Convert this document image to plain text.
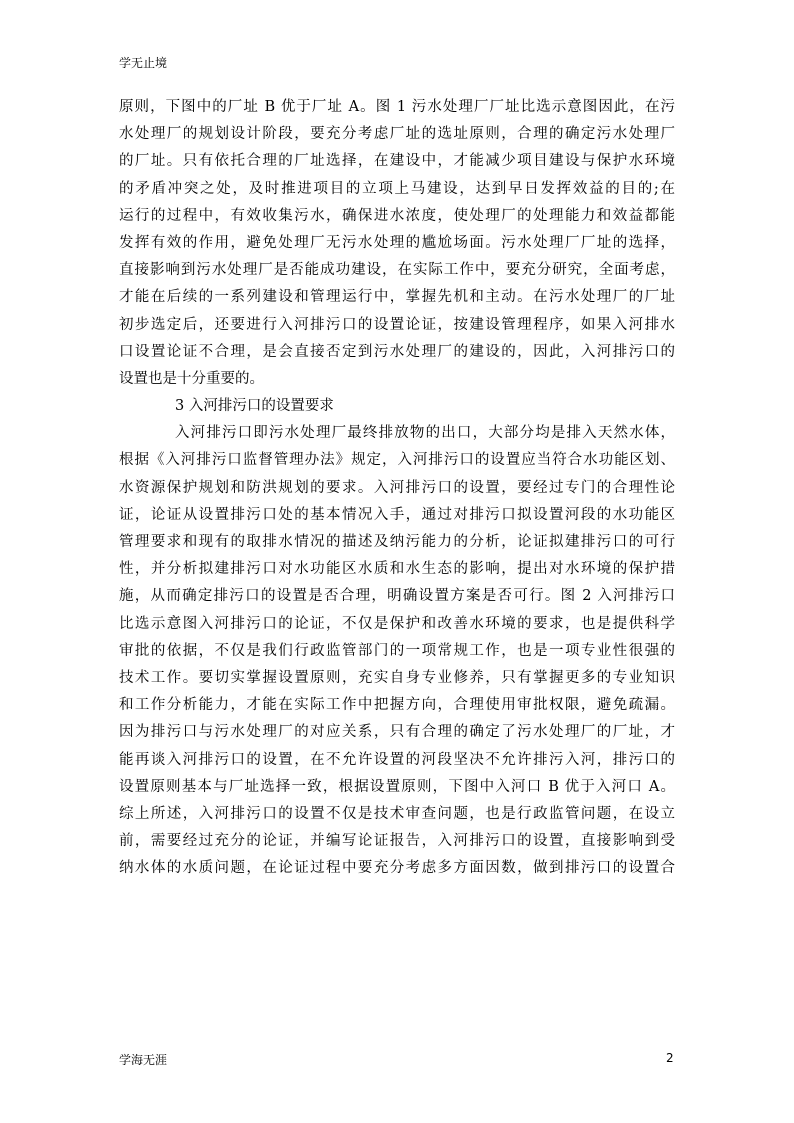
学无止境
原则，下图中的厂址 B 优于厂址 A。图 1 污水处理厂厂址比选示意图因此，在污
水处理厂的规划设计阶段，要充分考虑厂址的选址原则，合理的确定污水处理厂
的厂址。只有依托合理的厂址选择，在建设中，才能减少项目建设与保护水环境
的矛盾冲突之处，及时推进项目的立项上马建设，达到早日发挥效益的目的;在
运行的过程中，有效收集污水，确保进水浓度，使处理厂的处理能力和效益都能
发挥有效的作用，避免处理厂无污水处理的尴尬场面。污水处理厂厂址的选择，
直接影响到污水处理厂是否能成功建设，在实际工作中，要充分研究，全面考虑，
才能在后续的一系列建设和管理运行中，掌握先机和主动。在污水处理厂的厂址
初步选定后，还要进行入河排污口的设置论证，按建设管理程序，如果入河排水
口设置论证不合理，是会直接否定到污水处理厂的建设的，因此，入河排污口的
设置也是十分重要的。
3 入河排污口的设置要求
入河排污口即污水处理厂最终排放物的出口，大部分均是排入天然水体，
根据《入河排污口监督管理办法》规定，入河排污口的设置应当符合水功能区划、
水资源保护规划和防洪规划的要求。入河排污口的设置，要经过专门的合理性论
证，论证从设置排污口处的基本情况入手，通过对排污口拟设置河段的水功能区
管理要求和现有的取排水情况的描述及纳污能力的分析，论证拟建排污口的可行
性，并分析拟建排污口对水功能区水质和水生态的影响，提出对水环境的保护措
施，从而确定排污口的设置是否合理，明确设置方案是否可行。图 2 入河排污口
比选示意图入河排污口的论证，不仅是保护和改善水环境的要求，也是提供科学
审批的依据，不仅是我们行政监管部门的一项常规工作，也是一项专业性很强的
技术工作。要切实掌握设置原则，充实自身专业修养，只有掌握更多的专业知识
和工作分析能力，才能在实际工作中把握方向，合理使用审批权限，避免疏漏。
因为排污口与污水处理厂的对应关系，只有合理的确定了污水处理厂的厂址，才
能再谈入河排污口的设置，在不允许设置的河段坚决不允许排污入河，排污口的
设置原则基本与厂址选择一致，根据设置原则，下图中入河口 B 优于入河口 A。
综上所述，入河排污口的设置不仅是技术审查问题，也是行政监管问题，在设立
前，需要经过充分的论证，并编写论证报告，入河排污口的设置，直接影响到受
纳水体的水质问题，在论证过程中要充分考虑多方面因数，做到排污口的设置合
学海无涯	2
